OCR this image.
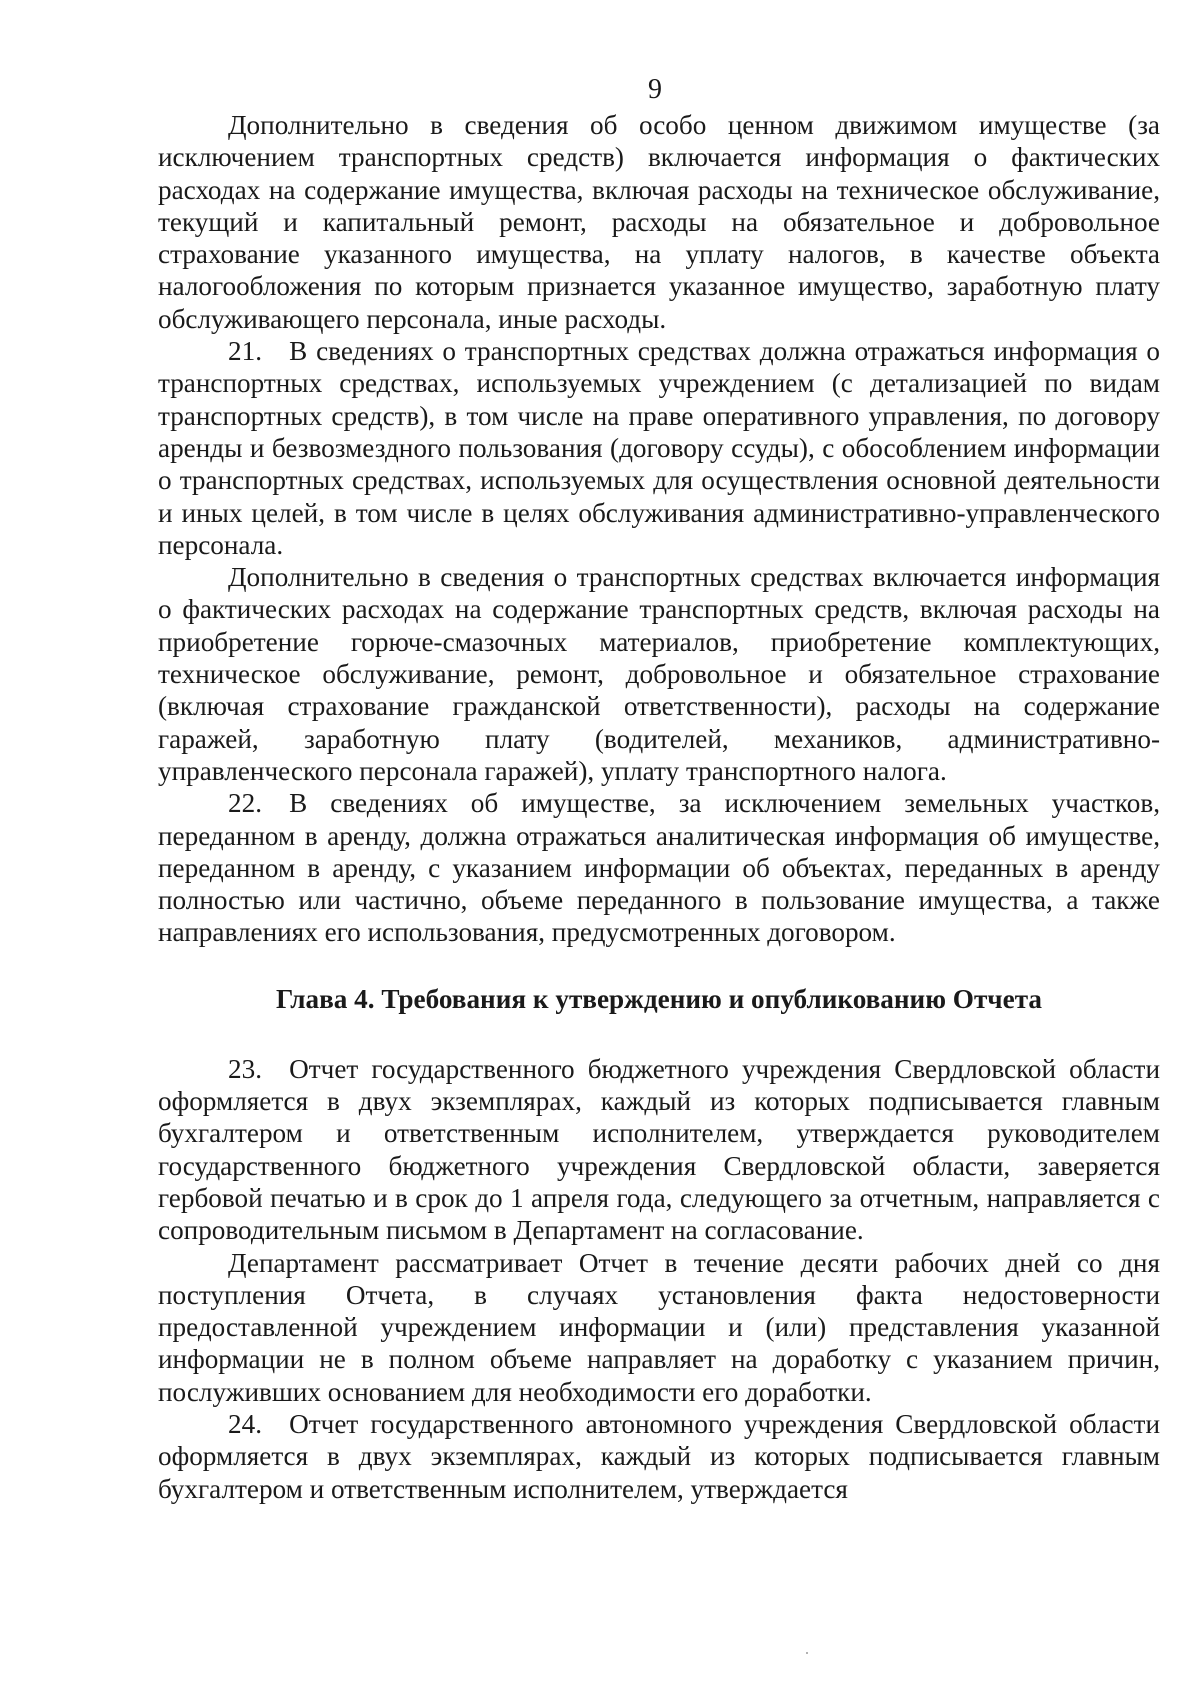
9

Дополнительно в сведения об особо ценном движимом имуществе (за исключением транспортных средств) включается информация о фактических расходах на содержание имущества, включая расходы на техническое обслуживание, текущий и капитальный ремонт, расходы на обязательное и добровольное страхование указанного имущества, на уплату налогов, в качестве объекта налогообложения по которым признается указанное имущество, заработную плату обслуживающего персонала, иные расходы.

21. В сведениях о транспортных средствах должна отражаться информация о транспортных средствах, используемых учреждением (с детализацией по видам транспортных средств), в том числе на праве оперативного управления, по договору аренды и безвозмездного пользования (договору ссуды), с обособлением информации о транспортных средствах, используемых для осуществления основной деятельности и иных целей, в том числе в целях обслуживания административно-управленческого персонала.

Дополнительно в сведения о транспортных средствах включается информация о фактических расходах на содержание транспортных средств, включая расходы на приобретение горюче-смазочных материалов, приобретение комплектующих, техническое обслуживание, ремонт, добровольное и обязательное страхование (включая страхование гражданской ответственности), расходы на содержание гаражей, заработную плату (водителей, механиков, административно-управленческого персонала гаражей), уплату транспортного налога.

22. В сведениях об имуществе, за исключением земельных участков, переданном в аренду, должна отражаться аналитическая информация об имуществе, переданном в аренду, с указанием информации об объектах, переданных в аренду полностью или частично, объеме переданного в пользование имущества, а также направлениях его использования, предусмотренных договором.

Глава 4. Требования к утверждению и опубликованию Отчета

23. Отчет государственного бюджетного учреждения Свердловской области оформляется в двух экземплярах, каждый из которых подписывается главным бухгалтером и ответственным исполнителем, утверждается руководителем государственного бюджетного учреждения Свердловской области, заверяется гербовой печатью и в срок до 1 апреля года, следующего за отчетным, направляется с сопроводительным письмом в Департамент на согласование.

Департамент рассматривает Отчет в течение десяти рабочих дней со дня поступления Отчета, в случаях установления факта недостоверности предоставленной учреждением информации и (или) представления указанной информации не в полном объеме направляет на доработку с указанием причин, послуживших основанием для необходимости его доработки.

24. Отчет государственного автономного учреждения Свердловской области оформляется в двух экземплярах, каждый из которых подписывается главным бухгалтером и ответственным исполнителем, утверждается
